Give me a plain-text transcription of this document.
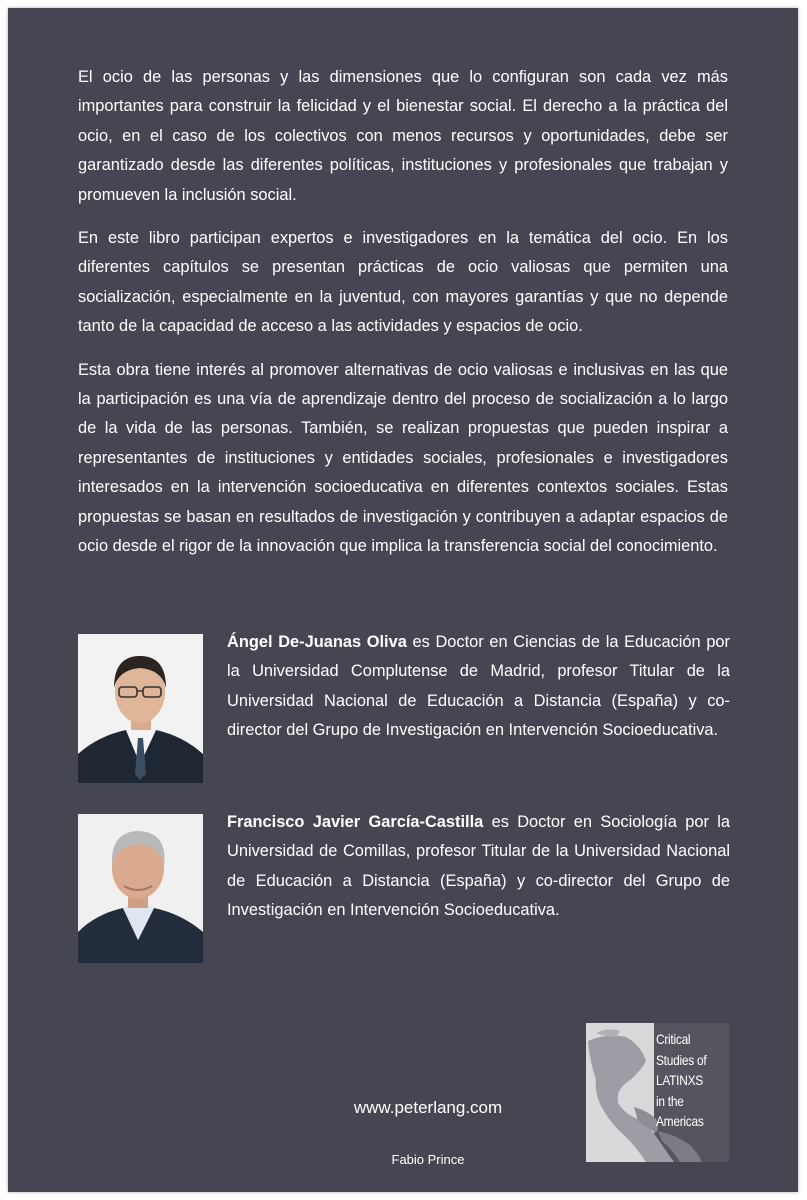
El ocio de las personas y las dimensiones que lo configuran son cada vez más importantes para construir la felicidad y el bienestar social. El derecho a la práctica del ocio, en el caso de los colectivos con menos recursos y oportunidades, debe ser garantizado desde las diferentes políticas, instituciones y profesionales que trabajan y promueven la inclusión social.

En este libro participan expertos e investigadores en la temática del ocio. En los diferentes capítulos se presentan prácticas de ocio valiosas que permiten una socialización, especialmente en la juventud, con mayores garantías y que no depende tanto de la capacidad de acceso a las actividades y espacios de ocio.

Esta obra tiene interés al promover alternativas de ocio valiosas e inclusivas en las que la participación es una vía de aprendizaje dentro del proceso de socialización a lo largo de la vida de las personas. También, se realizan propuestas que pueden inspirar a representantes de instituciones y entidades sociales, profesionales e investigadores interesados en la intervención socioeducativa en diferentes contextos sociales. Estas propuestas se basan en resultados de investigación y contribuyen a adaptar espacios de ocio desde el rigor de la innovación que implica la transferencia social del conocimiento.

Ángel De-Juanas Oliva es Doctor en Ciencias de la Educación por la Universidad Complutense de Madrid, profesor Titular de la Universidad Nacional de Educación a Distancia (España) y co-director del Grupo de Investigación en Intervención Socioeducativa.

Francisco Javier García-Castilla es Doctor en Sociología por la Universidad de Comillas, profesor Titular de la Universidad Nacional de Educación a Distancia (España) y co-director del Grupo de Investigación en Intervención Socioeducativa.

www.peterlang.com
Fabio Prince
Critical
Studies of
LATINXS
in the
Americas
